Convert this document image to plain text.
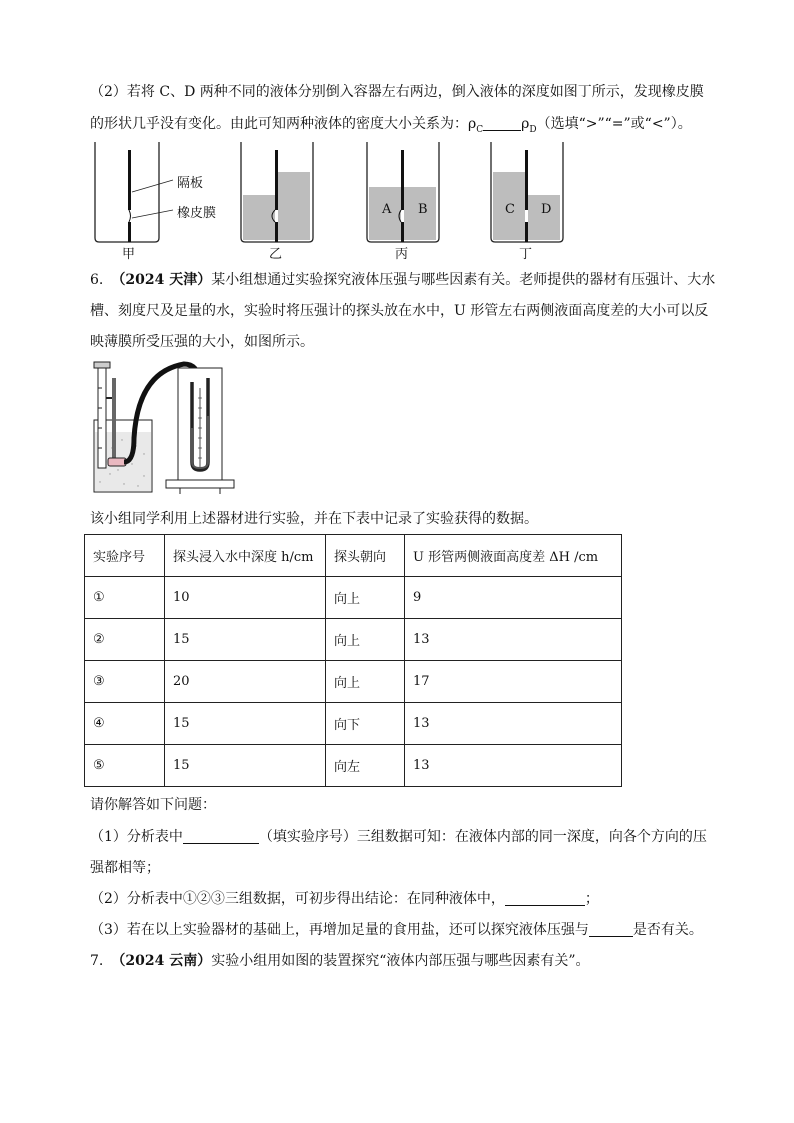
（2）若将 C、D 两种不同的液体分别倒入容器左右两边，倒入液体的深度如图丁所示，发现橡皮膜
的形状几乎没有变化。由此可知两种液体的密度大小关系为：$\rho_C$	$\rho_D$（选填“>”“=”或“<”）。
隔板
橡皮膜
甲	乙	丙	丁
A B	C D
6. （2024 天津）某小组想通过实验探究液体压强与哪些因素有关。老师提供的器材有压强计、大水
槽、刻度尺及足量的水，实验时将压强计的探头放在水中，U 形管左右两侧液面高度差的大小可以反
映薄膜所受压强的大小，如图所示。
该小组同学利用上述器材进行实验，并在下表中记录了实验获得的数据。
实验序号	探头浸入水中深度 h/cm	探头朝向	U 形管两侧液面高度差 ΔH /cm
①	10	向上	9
②	15	向上	13
③	20	向上	17
④	15	向下	13
⑤	15	向左	13
请你解答如下问题：
（1）分析表中	（填实验序号）三组数据可知：在液体内部的同一深度，向各个方向的压
强都相等；
（2）分析表中①②③三组数据，可初步得出结论：在同种液体中，	；
（3）若在以上实验器材的基础上，再增加足量的食用盐，还可以探究液体压强与	是否有关。
7. （2024 云南）实验小组用如图的装置探究“液体内部压强与哪些因素有关”。
